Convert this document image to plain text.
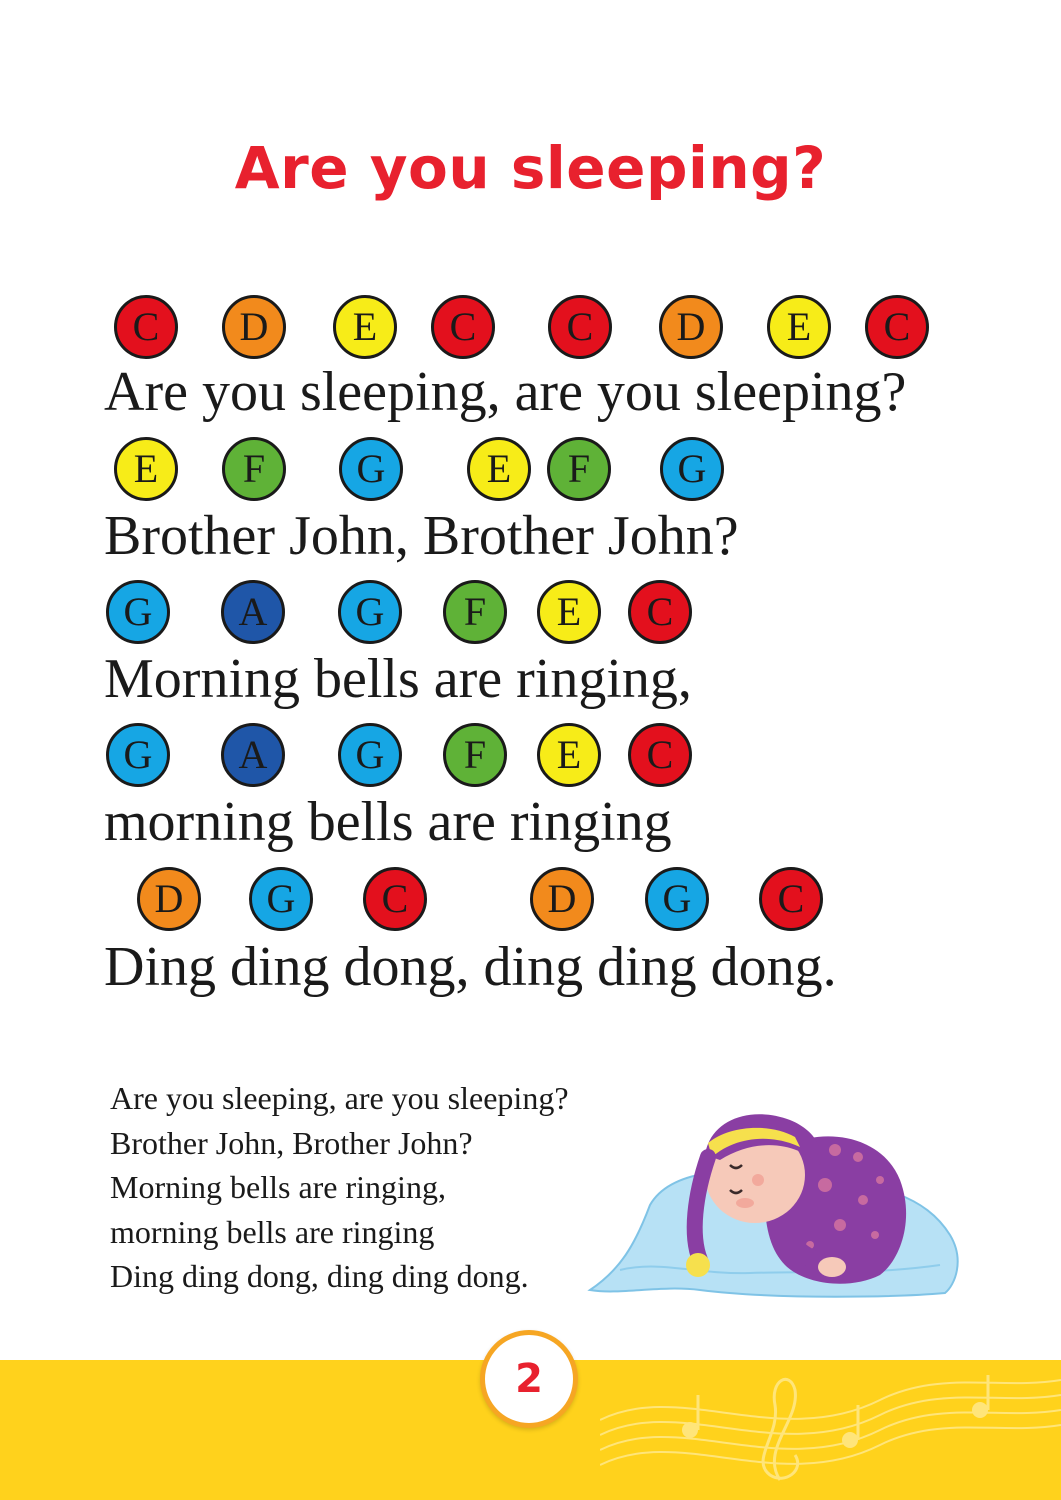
Are you sleeping?
C	D	E	C	C	D	E	C
Are you sleeping, are you sleeping?
E	F	G	E	F	G
Brother John, Brother John?
G	A	G	F	E	C
Morning bells are ringing,
G	A	G	F	E	C
morning bells are ringing
D	G	C	D	G	C
Ding ding dong, ding ding dong.
Are you sleeping, are you sleeping?
Brother John, Brother John?
Morning bells are ringing,
morning bells are ringing
Ding ding dong, ding ding dong.
2
